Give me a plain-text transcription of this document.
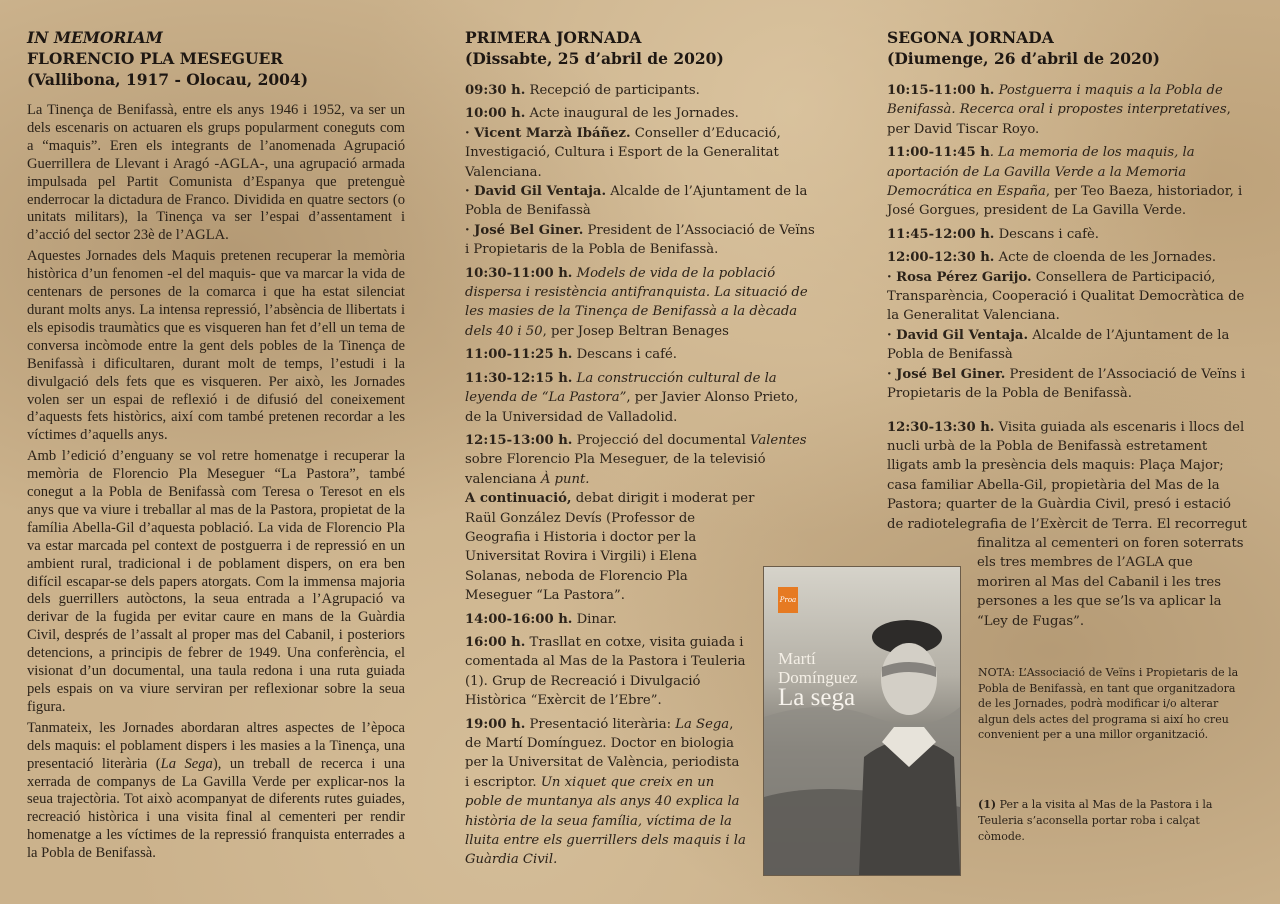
IN MEMORIAM
FLORENCIO PLA MESEGUER
(Vallibona, 1917 - Olocau, 2004)

La Tinença de Benifassà, entre els anys 1946 i 1952, va ser un dels escenaris on actuaren els grups popularment coneguts com a “maquis”. Eren els integrants de l’anomenada Agrupació Guerrillera de Llevant i Aragó -AGLA-, una agrupació armada impulsada pel Partit Comunista d’Espanya que pretenguè enderrocar la dictadura de Franco. Dividida en quatre sectors (o unitats militars), la Tinença va ser l’espai d’assentament i d’acció del sector 23è de l’AGLA.

Aquestes Jornades dels Maquis pretenen recuperar la memòria històrica d’un fenomen -el del maquis- que va marcar la vida de centenars de persones de la comarca i que ha estat silenciat durant molts anys. La intensa repressió, l’absència de llibertats i els episodis traumàtics que es visqueren han fet d’ell un tema de conversa incòmode entre la gent dels pobles de la Tinença de Benifassà i dificultaren, durant molt de temps, l’estudi i la divulgació dels fets que es visqueren. Per això, les Jornades volen ser un espai de reflexió i de difusió del coneixement d’aquests fets històrics, així com també pretenen recordar a les víctimes d’aquells anys.

Amb l’edició d’enguany se vol retre homenatge i recuperar la memòria de Florencio Pla Meseguer “La Pastora”, també conegut a la Pobla de Benifassà com Teresa o Teresot en els anys que va viure i treballar al mas de la Pastora, propietat de la família Abella-Gil d’aquesta població. La vida de Florencio Pla va estar marcada pel context de postguerra i de repressió en un ambient rural, tradicional i de poblament dispers, on era ben difícil escapar-se dels papers atorgats. Com la immensa majoria dels guerrillers autòctons, la seua entrada a l’Agrupació va derivar de la fugida per evitar caure en mans de la Guàrdia Civil, després de l’assalt al proper mas del Cabanil, i posteriors detencions, a principis de febrer de 1949. Una conferència, el visionat d’un documental, una taula redona i una ruta guiada pels espais on va viure serviran per reflexionar sobre la seua figura.

Tanmateix, les Jornades abordaran altres aspectes de l’època dels maquis: el poblament dispers i les masies a la Tinença, una presentació literària (La Sega), un treball de recerca i una xerrada de companys de La Gavilla Verde per explicar-nos la seua trajectòria. Tot això acompanyat de diferents rutes guiades, recreació històrica i una visita final al cementeri per rendir homenatge a les víctimes de la repressió franquista enterrades a la Pobla de Benifassà.

PRIMERA JORNADA
(Dissabte, 25 d’abril de 2020)

09:30 h. Recepció de participants.

10:00 h. Acte inaugural de les Jornades.

· Vicent Marzà Ibáñez. Conseller d’Educació, Investigació, Cultura i Esport de la Generalitat Valenciana.

· David Gil Ventaja. Alcalde de l’Ajuntament de la Pobla de Benifassà

· José Bel Giner. President de l’Associació de Veïns i Propietaris de la Pobla de Benifassà.

10:30-11:00 h. Models de vida de la població dispersa i resistència antifranquista. La situació de les masies de la Tinença de Benifassà a la dècada dels 40 i 50, per Josep Beltran Benages

11:00-11:25 h. Descans i café.

11:30-12:15 h. La construcción cultural de la leyenda de “La Pastora”, per Javier Alonso Prieto, de la Universidad de Valladolid.

12:15-13:00 h. Projecció del documental Valentes sobre Florencio Pla Meseguer, de la televisió valenciana À punt.

A continuació, debat dirigit i moderat per Raül González Devís (Professor de Geografia i Historia i doctor per la Universitat Rovira i Virgili) i Elena Solanas, neboda de Florencio Pla Meseguer “La Pastora”.

14:00-16:00 h. Dinar.

16:00 h. Trasllat en cotxe, visita guiada i comentada al Mas de la Pastora i Teuleria (1). Grup de Recreació i Divulgació Històrica “Exèrcit de l’Ebre”.

19:00 h. Presentació literària: La Sega, de Martí Domínguez. Doctor en biologia per la Universitat de València, periodista i escriptor. Un xiquet que creix en un poble de muntanya als anys 40 explica la història de la seua família, víctima de la lluita entre els guerrillers dels maquis i la Guàrdia Civil.

SEGONA JORNADA
(Diumenge, 26 d’abril de 2020)

10:15-11:00 h. Postguerra i maquis a la Pobla de Benifassà. Recerca oral i propostes interpretatives, per David Tiscar Royo.

11:00-11:45 h. La memoria de los maquis, la aportación de La Gavilla Verde a la Memoria Democrática en España, per Teo Baeza, historiador, i José Gorgues, president de La Gavilla Verde.

11:45-12:00 h. Descans i cafè.

12:00-12:30 h. Acte de cloenda de les Jornades.

· Rosa Pérez Garijo. Consellera de Participació, Transparència, Cooperació i Qualitat Democràtica de la Generalitat Valenciana.

· David Gil Ventaja. Alcalde de l’Ajuntament de la Pobla de Benifassà

· José Bel Giner. President de l’Associació de Veïns i Propietaris de la Pobla de Benifassà.

12:30-13:30 h. Visita guiada als escenaris i llocs del nucli urbà de la Pobla de Benifassà estretament lligats amb la presència dels maquis: Plaça Major; casa familiar Abella-Gil, propietària del Mas de la Pastora; quarter de la Guàrdia Civil, presó i estació de radiotelegrafia de l’Exèrcit de Terra. El recorregut

finalitza al cementeri on foren soterrats els tres membres de l’AGLA que moriren al Mas del Cabanil i les tres persones a les que se’ls va aplicar la “Ley de Fugas”.

Proa
Martí
Domínguez
La sega
NOTA: L’Associació de Veïns i Propietaris de la Pobla de Benifassà, en tant que organitzadora de les Jornades, podrà modificar i/o alterar algun dels actes del programa si així ho creu convenient per a una millor organització.
(1) Per a la visita al Mas de la Pastora i la Teuleria s’aconsella portar roba i calçat còmode.
